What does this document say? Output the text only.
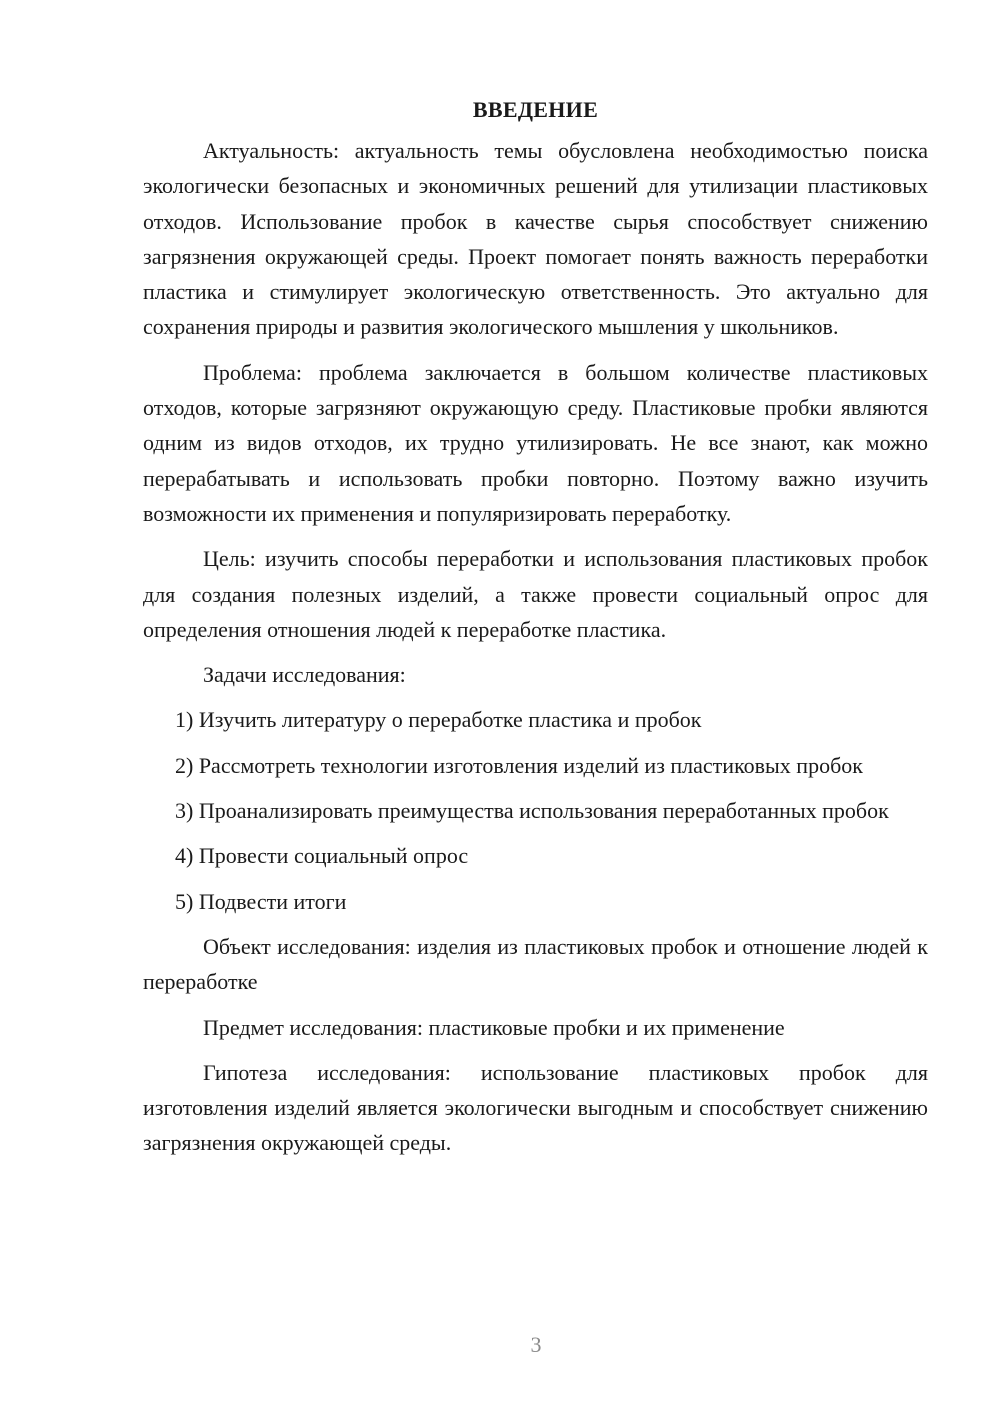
ВВЕДЕНИЕ

Актуальность: актуальность темы обусловлена необходимостью поиска экологически безопасных и экономичных решений для утилизации пластиковых отходов. Использование пробок в качестве сырья способствует снижению загрязнения окружающей среды. Проект помогает понять важность переработки пластика и стимулирует экологическую ответственность. Это актуально для сохранения природы и развития экологического мышления у школьников.

Проблема: проблема заключается в большом количестве пластиковых отходов, которые загрязняют окружающую среду. Пластиковые пробки являются одним из видов отходов, их трудно утилизировать. Не все знают, как можно перерабатывать и использовать пробки повторно. Поэтому важно изучить возможности их применения и популяризировать переработку.

Цель: изучить способы переработки и использования пластиковых пробок для создания полезных изделий, а также провести социальный опрос для определения отношения людей к переработке пластика.

Задачи исследования:

1) Изучить литературу о переработке пластика и пробок

2) Рассмотреть технологии изготовления изделий из пластиковых пробок

3) Проанализировать преимущества использования переработанных пробок

4) Провести социальный опрос

5) Подвести итоги

Объект исследования: изделия из пластиковых пробок и отношение людей к переработке

Предмет исследования: пластиковые пробки и их применение

Гипотеза исследования: использование пластиковых пробок для изготовления изделий является экологически выгодным и способствует снижению загрязнения окружающей среды.

3
